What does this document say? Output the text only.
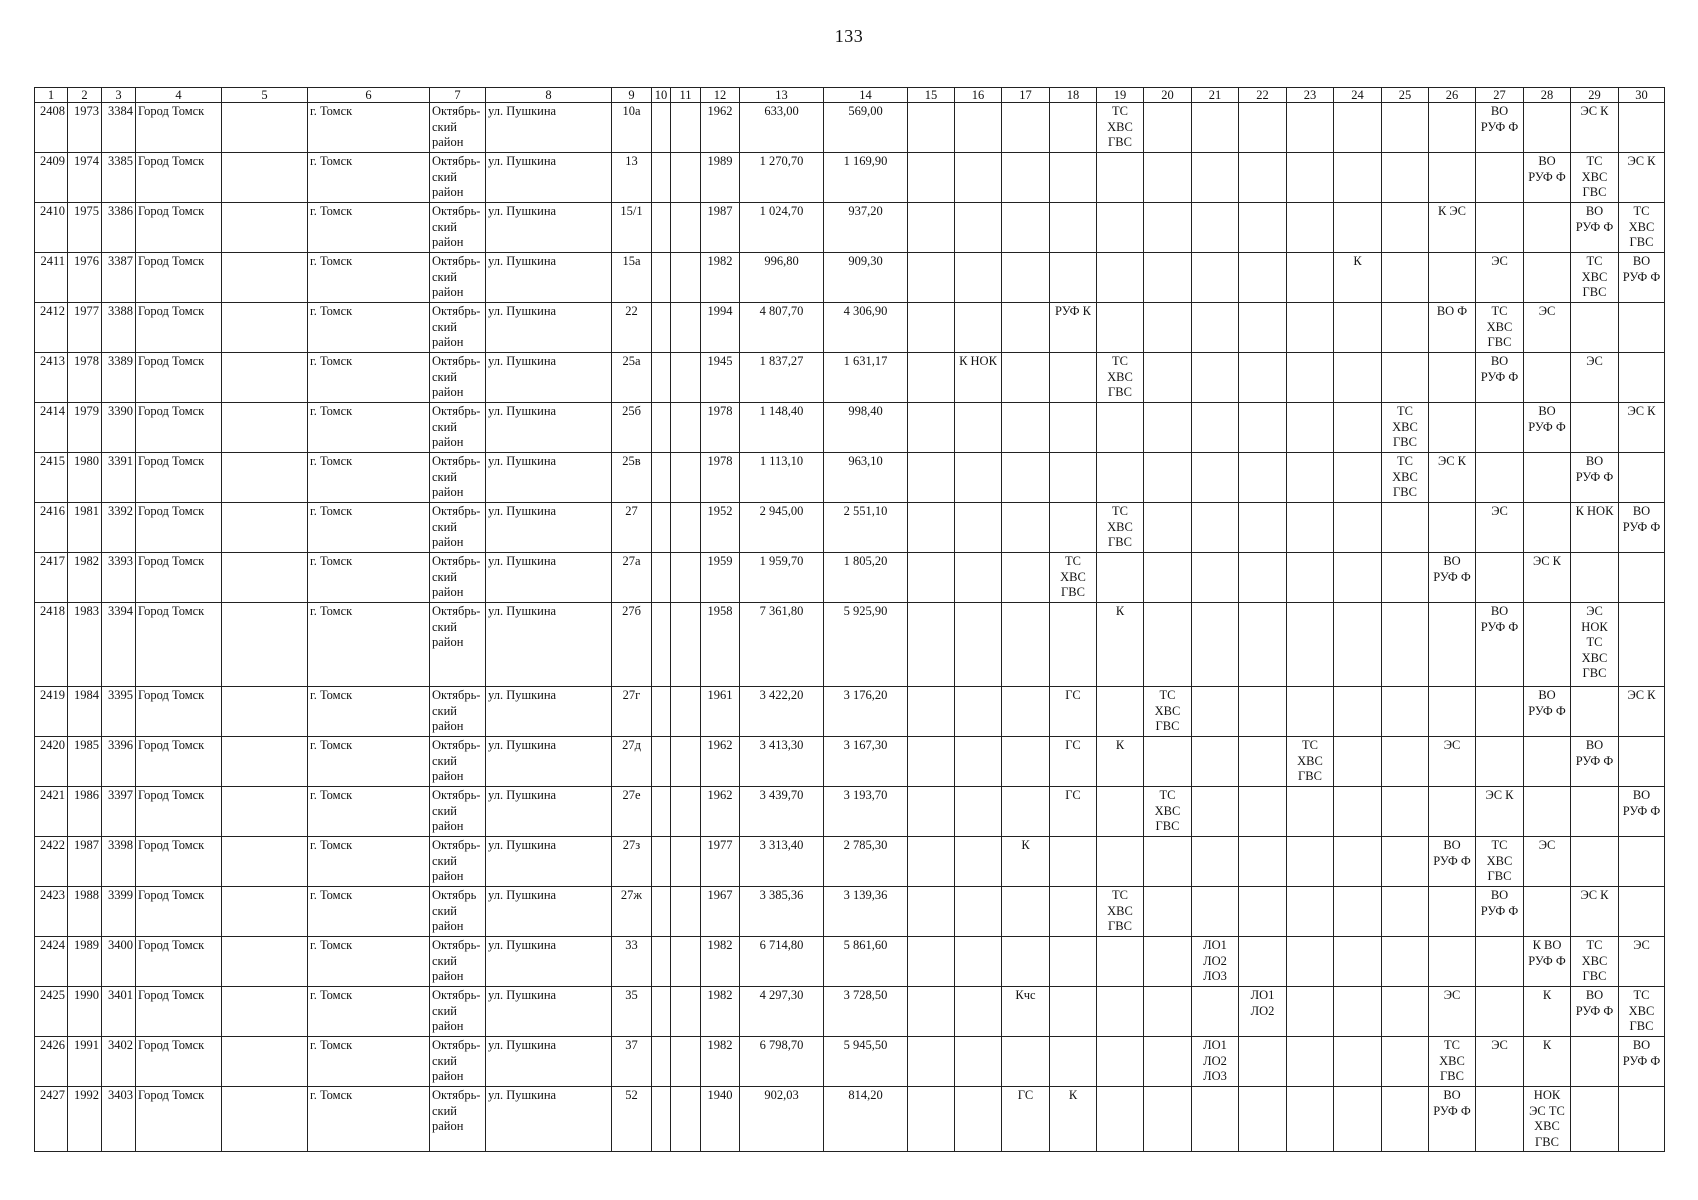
133
1	2	3	4	5	6	7	8	9	10	11	12	13	14	15	16	17	18	19	20	21	22	23	24	25	26	27	28	29	30
2408	1973	3384	Город Томск		г. Томск	Октябрь-
ский
район	ул. Пушкина	10а			1962	633,00	569,00					ТС
ХВС
ГВС								ВО
РУФ Ф		ЭС К	
2409	1974	3385	Город Томск		г. Томск	Октябрь-
ский
район	ул. Пушкина	13			1989	1 270,70	1 169,90														ВО
РУФ Ф	ТС
ХВС
ГВС	ЭС К
2410	1975	3386	Город Томск		г. Томск	Октябрь-
ский
район	ул. Пушкина	15/1			1987	1 024,70	937,20												К ЭС			ВО
РУФ Ф	ТС
ХВС
ГВС
2411	1976	3387	Город Томск		г. Томск	Октябрь-
ский
район	ул. Пушкина	15а			1982	996,80	909,30										К			ЭС		ТС
ХВС
ГВС	ВО
РУФ Ф
2412	1977	3388	Город Томск		г. Томск	Октябрь-
ский
район	ул. Пушкина	22			1994	4 807,70	4 306,90				РУФ К								ВО Ф	ТС
ХВС
ГВС	ЭС		
2413	1978	3389	Город Томск		г. Томск	Октябрь-
ский
район	ул. Пушкина	25а			1945	1 837,27	1 631,17		К НОК			ТС
ХВС
ГВС								ВО
РУФ Ф		ЭС	
2414	1979	3390	Город Томск		г. Томск	Октябрь-
ский
район	ул. Пушкина	25б			1978	1 148,40	998,40											ТС
ХВС
ГВС			ВО
РУФ Ф		ЭС К
2415	1980	3391	Город Томск		г. Томск	Октябрь-
ский
район	ул. Пушкина	25в			1978	1 113,10	963,10											ТС
ХВС
ГВС	ЭС К			ВО
РУФ Ф	
2416	1981	3392	Город Томск		г. Томск	Октябрь-
ский
район	ул. Пушкина	27			1952	2 945,00	2 551,10					ТС
ХВС
ГВС								ЭС		К НОК	ВО
РУФ Ф
2417	1982	3393	Город Томск		г. Томск	Октябрь-
ский
район	ул. Пушкина	27а			1959	1 959,70	1 805,20				ТС
ХВС
ГВС								ВО
РУФ Ф		ЭС К		
2418	1983	3394	Город Томск		г. Томск	Октябрь-
ский
район	ул. Пушкина	27б			1958	7 361,80	5 925,90					К								ВО
РУФ Ф		ЭС
НОК
ТС
ХВС
ГВС	
2419	1984	3395	Город Томск		г. Томск	Октябрь-
ский
район	ул. Пушкина	27г			1961	3 422,20	3 176,20				ГС		ТС
ХВС
ГВС								ВО
РУФ Ф		ЭС К
2420	1985	3396	Город Томск		г. Томск	Октябрь-
ский
район	ул. Пушкина	27д			1962	3 413,30	3 167,30				ГС	К				ТС
ХВС
ГВС			ЭС			ВО
РУФ Ф	
2421	1986	3397	Город Томск		г. Томск	Октябрь-
ский
район	ул. Пушкина	27е			1962	3 439,70	3 193,70				ГС		ТС
ХВС
ГВС							ЭС К			ВО
РУФ Ф
2422	1987	3398	Город Томск		г. Томск	Октябрь-
ский
район	ул. Пушкина	27з			1977	3 313,40	2 785,30			К									ВО
РУФ Ф	ТС
ХВС
ГВС	ЭС		
2423	1988	3399	Город Томск		г. Томск	Октябрь
ский
район	ул. Пушкина	27ж			1967	3 385,36	3 139,36					ТС
ХВС
ГВС								ВО
РУФ Ф		ЭС К	
2424	1989	3400	Город Томск		г. Томск	Октябрь-
ский
район	ул. Пушкина	33			1982	6 714,80	5 861,60							ЛО1
ЛО2
ЛО3							К ВО
РУФ Ф	ТС
ХВС
ГВС	ЭС
2425	1990	3401	Город Томск		г. Томск	Октябрь-
ский
район	ул. Пушкина	35			1982	4 297,30	3 728,50			Кчс					ЛО1
ЛО2				ЭС		К	ВО
РУФ Ф	ТС
ХВС
ГВС
2426	1991	3402	Город Томск		г. Томск	Октябрь-
ский
район	ул. Пушкина	37			1982	6 798,70	5 945,50							ЛО1
ЛО2
ЛО3					ТС
ХВС
ГВС	ЭС	К		ВО
РУФ Ф
2427	1992	3403	Город Томск		г. Томск	Октябрь-
ский
район	ул. Пушкина	52			1940	902,03	814,20			ГС	К								ВО
РУФ Ф		НОК
ЭС ТС
ХВС
ГВС		
